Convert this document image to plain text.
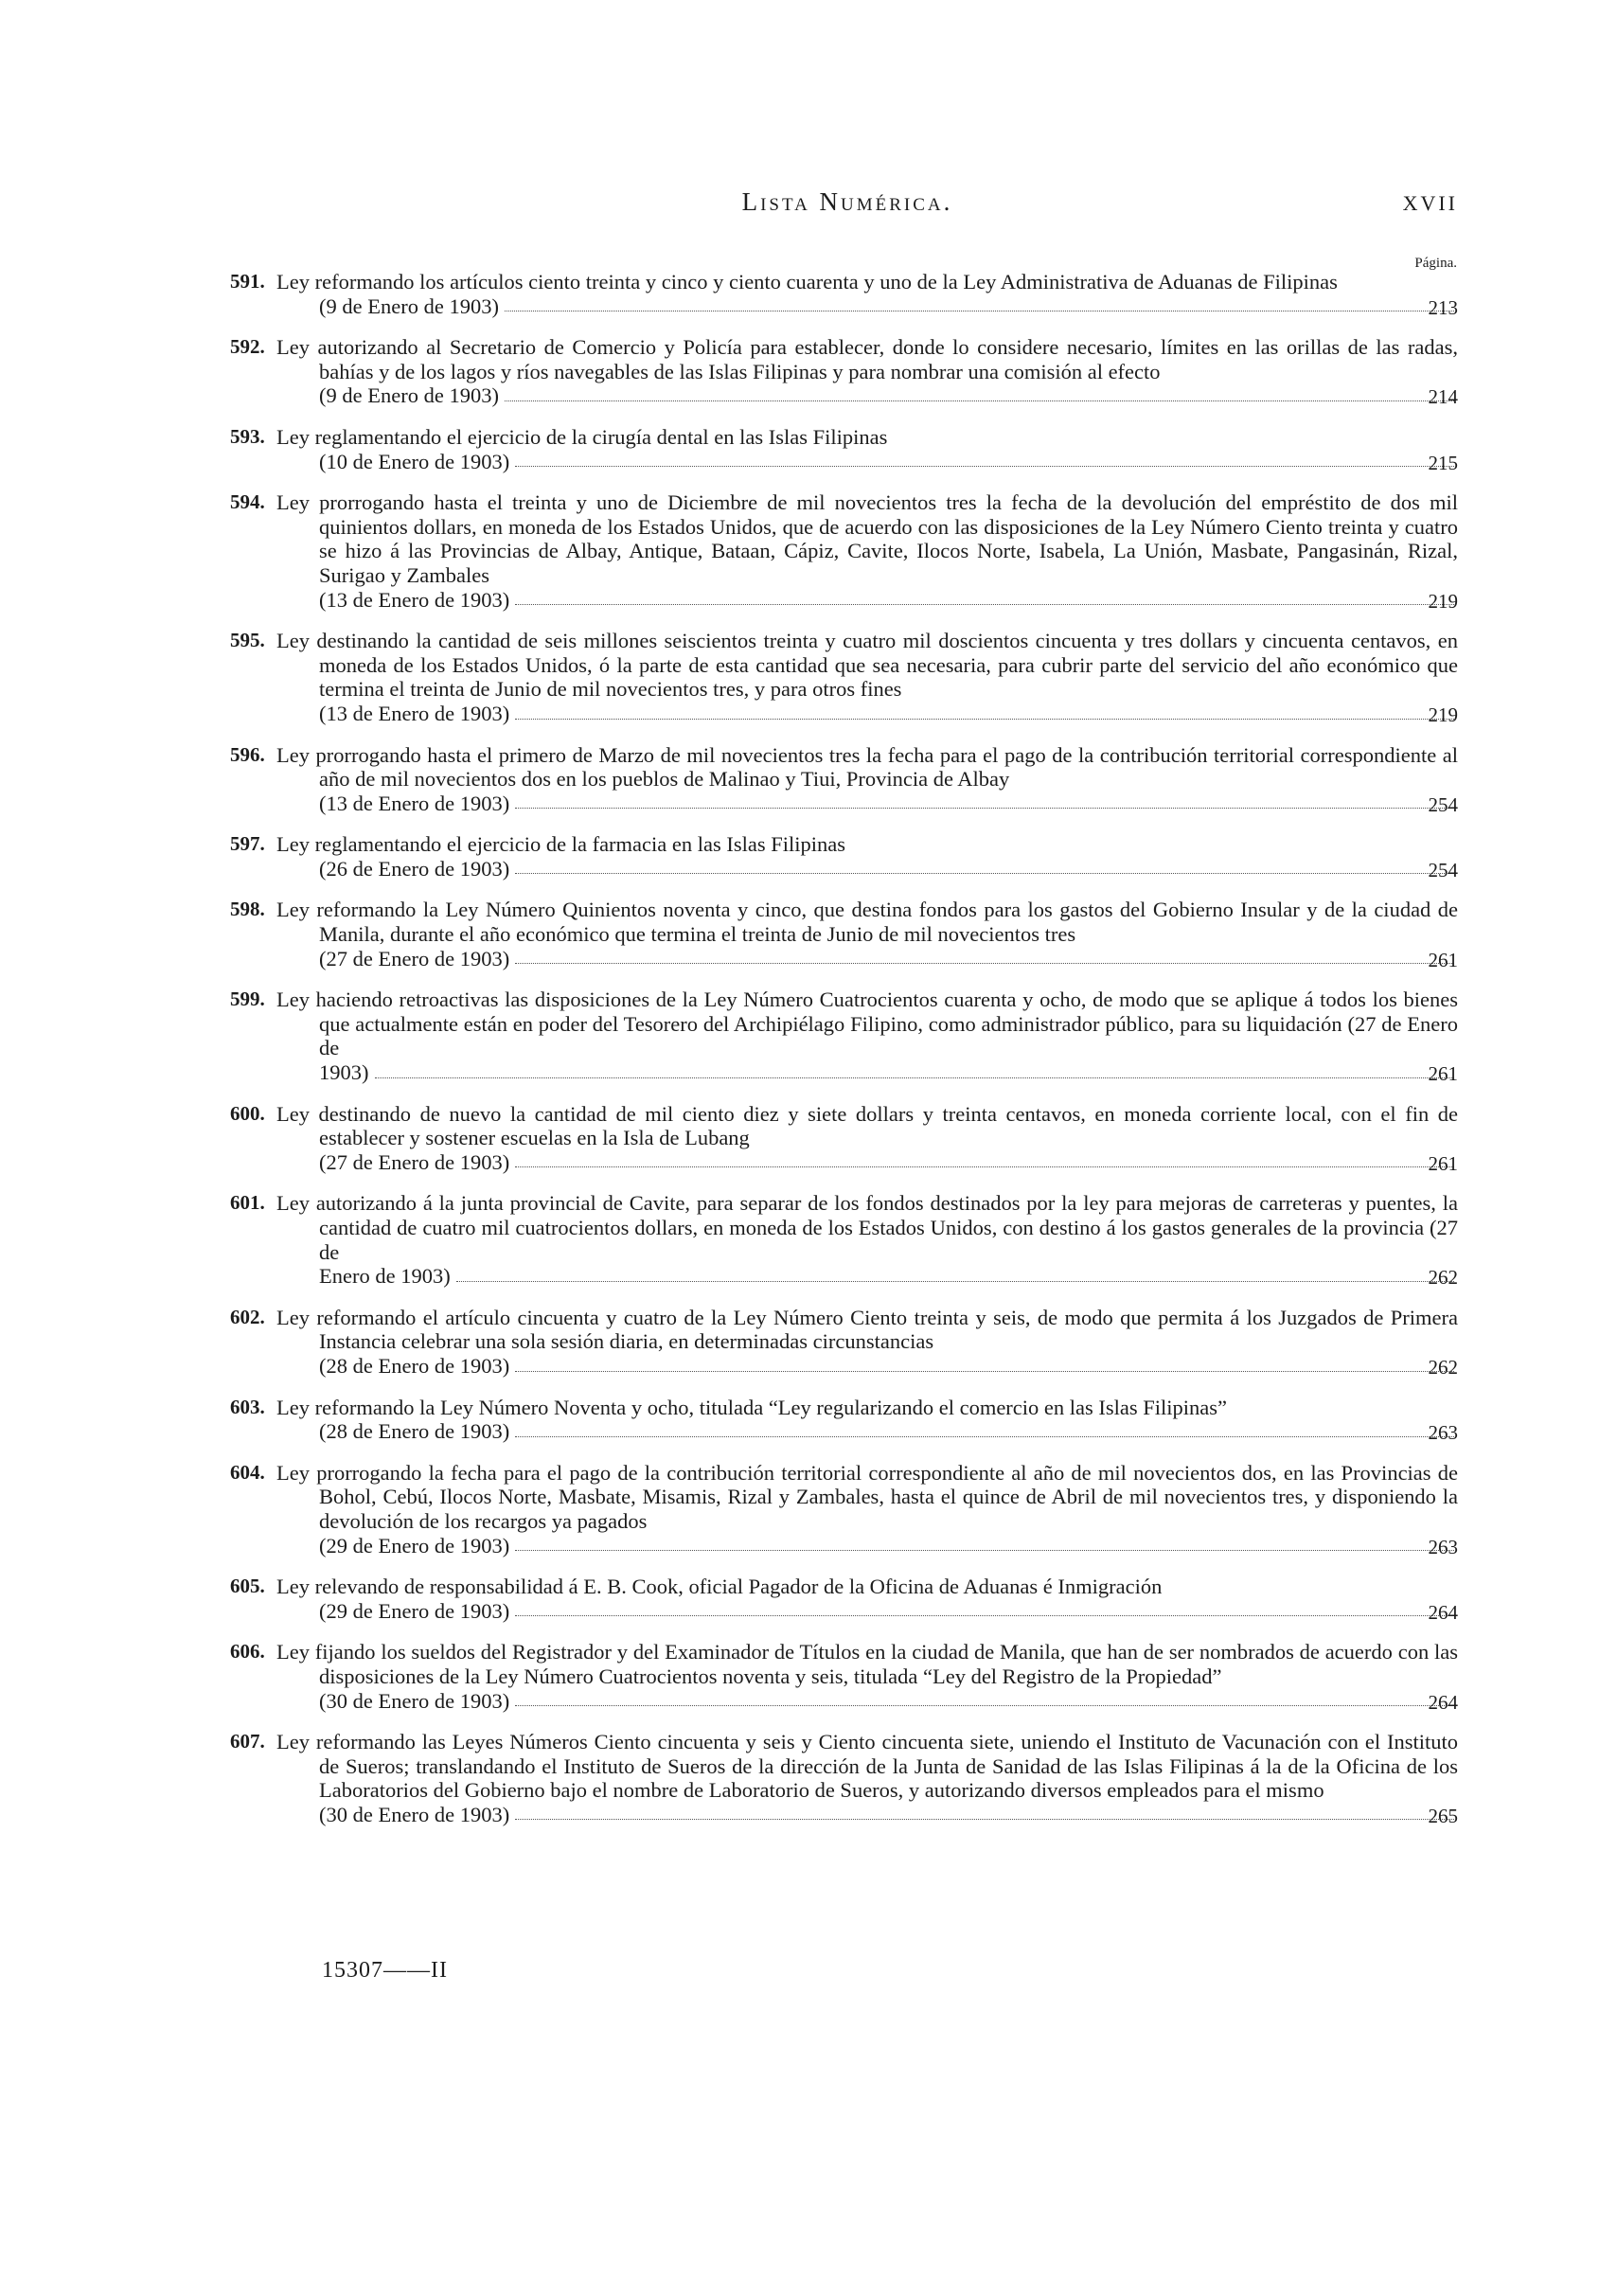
Lista Numérica.	XVII
Página.
591. Ley reformando los artículos ciento treinta y cinco y ciento cuarenta y uno de la Ley Administrativa de Aduanas de Filipinas
(9 de Enero de 1903)	213
592. Ley autorizando al Secretario de Comercio y Policía para establecer, donde lo considere necesario, límites en las orillas de las radas, bahías y de los lagos y ríos navegables de las Islas Filipinas y para nombrar una comisión al efecto
(9 de Enero de 1903)	214
593. Ley reglamentando el ejercicio de la cirugía dental en las Islas Filipinas
(10 de Enero de 1903)	215
594. Ley prorrogando hasta el treinta y uno de Diciembre de mil novecientos tres la fecha de la devolución del empréstito de dos mil quinientos dollars, en moneda de los Estados Unidos, que de acuerdo con las disposiciones de la Ley Número Ciento treinta y cuatro se hizo á las Provincias de Albay, Antique, Bataan, Cápiz, Cavite, Ilocos Norte, Isabela, La Unión, Masbate, Pangasinán, Rizal, Surigao y Zambales
(13 de Enero de 1903)	219
595. Ley destinando la cantidad de seis millones seiscientos treinta y cuatro mil doscientos cincuenta y tres dollars y cincuenta centavos, en moneda de los Estados Unidos, ó la parte de esta cantidad que sea necesaria, para cubrir parte del servicio del año económico que termina el treinta de Junio de mil novecientos tres, y para otros fines
(13 de Enero de 1903)	219
596. Ley prorrogando hasta el primero de Marzo de mil novecientos tres la fecha para el pago de la contribución territorial correspondiente al año de mil novecientos dos en los pueblos de Malinao y Tiui, Provincia de Albay
(13 de Enero de 1903)	254
597. Ley reglamentando el ejercicio de la farmacia en las Islas Filipinas
(26 de Enero de 1903)	254
598. Ley reformando la Ley Número Quinientos noventa y cinco, que destina fondos para los gastos del Gobierno Insular y de la ciudad de Manila, durante el año económico que termina el treinta de Junio de mil novecientos tres
(27 de Enero de 1903)	261
599. Ley haciendo retroactivas las disposiciones de la Ley Número Cuatrocientos cuarenta y ocho, de modo que se aplique á todos los bienes que actualmente están en poder del Tesorero del Archipiélago Filipino, como administrador público, para su liquidación (27 de Enero de
1903)	261
600. Ley destinando de nuevo la cantidad de mil ciento diez y siete dollars y treinta centavos, en moneda corriente local, con el fin de establecer y sostener escuelas en la Isla de Lubang
(27 de Enero de 1903)	261
601. Ley autorizando á la junta provincial de Cavite, para separar de los fondos destinados por la ley para mejoras de carreteras y puentes, la cantidad de cuatro mil cuatrocientos dollars, en moneda de los Estados Unidos, con destino á los gastos generales de la provincia (27 de
Enero de 1903)	262
602. Ley reformando el artículo cincuenta y cuatro de la Ley Número Ciento treinta y seis, de modo que permita á los Juzgados de Primera Instancia celebrar una sola sesión diaria, en determinadas circunstancias
(28 de Enero de 1903)	262
603. Ley reformando la Ley Número Noventa y ocho, titulada “Ley regularizando el comercio en las Islas Filipinas”
(28 de Enero de 1903)	263
604. Ley prorrogando la fecha para el pago de la contribución territorial correspondiente al año de mil novecientos dos, en las Provincias de Bohol, Cebú, Ilocos Norte, Masbate, Misamis, Rizal y Zambales, hasta el quince de Abril de mil novecientos tres, y disponiendo la devolución de los recargos ya pagados
(29 de Enero de 1903)	263
605. Ley relevando de responsabilidad á E. B. Cook, oficial Pagador de la Oficina de Aduanas é Inmigración
(29 de Enero de 1903)	264
606. Ley fijando los sueldos del Registrador y del Examinador de Títulos en la ciudad de Manila, que han de ser nombrados de acuerdo con las disposiciones de la Ley Número Cuatrocientos noventa y seis, titulada “Ley del Registro de la Propiedad”
(30 de Enero de 1903)	264
607. Ley reformando las Leyes Números Ciento cincuenta y seis y Ciento cincuenta siete, uniendo el Instituto de Vacunación con el Instituto de Sueros; translandando el Instituto de Sueros de la dirección de la Junta de Sanidad de las Islas Filipinas á la de la Oficina de los Laboratorios del Gobierno bajo el nombre de Laboratorio de Sueros, y autorizando diversos empleados para el mismo
(30 de Enero de 1903)	265
15307——II
